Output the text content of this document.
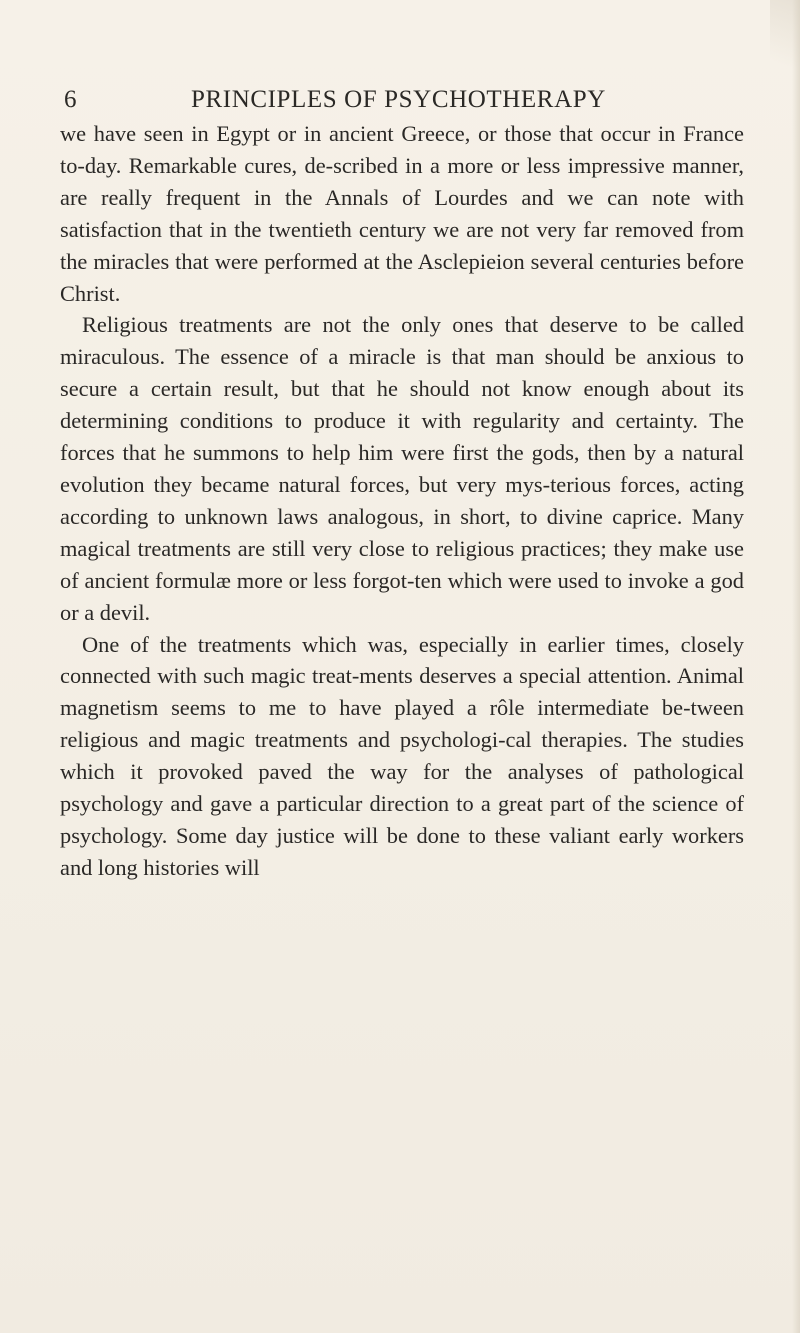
6	PRINCIPLES OF PSYCHOTHERAPY

we have seen in Egypt or in ancient Greece, or those that occur in France to-day. Remarkable cures, de-scribed in a more or less impressive manner, are really frequent in the Annals of Lourdes and we can note with satisfaction that in the twentieth century we are not very far removed from the miracles that were performed at the Asclepieion several centuries before Christ.

Religious treatments are not the only ones that deserve to be called miraculous. The essence of a miracle is that man should be anxious to secure a certain result, but that he should not know enough about its determining conditions to produce it with regularity and certainty. The forces that he summons to help him were first the gods, then by a natural evolution they became natural forces, but very mys-terious forces, acting according to unknown laws analogous, in short, to divine caprice. Many magical treatments are still very close to religious practices; they make use of ancient formulæ more or less forgot-ten which were used to invoke a god or a devil.

One of the treatments which was, especially in earlier times, closely connected with such magic treat-ments deserves a special attention. Animal magnetism seems to me to have played a rôle intermediate be-tween religious and magic treatments and psychologi-cal therapies. The studies which it provoked paved the way for the analyses of pathological psychology and gave a particular direction to a great part of the science of psychology. Some day justice will be done to these valiant early workers and long histories will
